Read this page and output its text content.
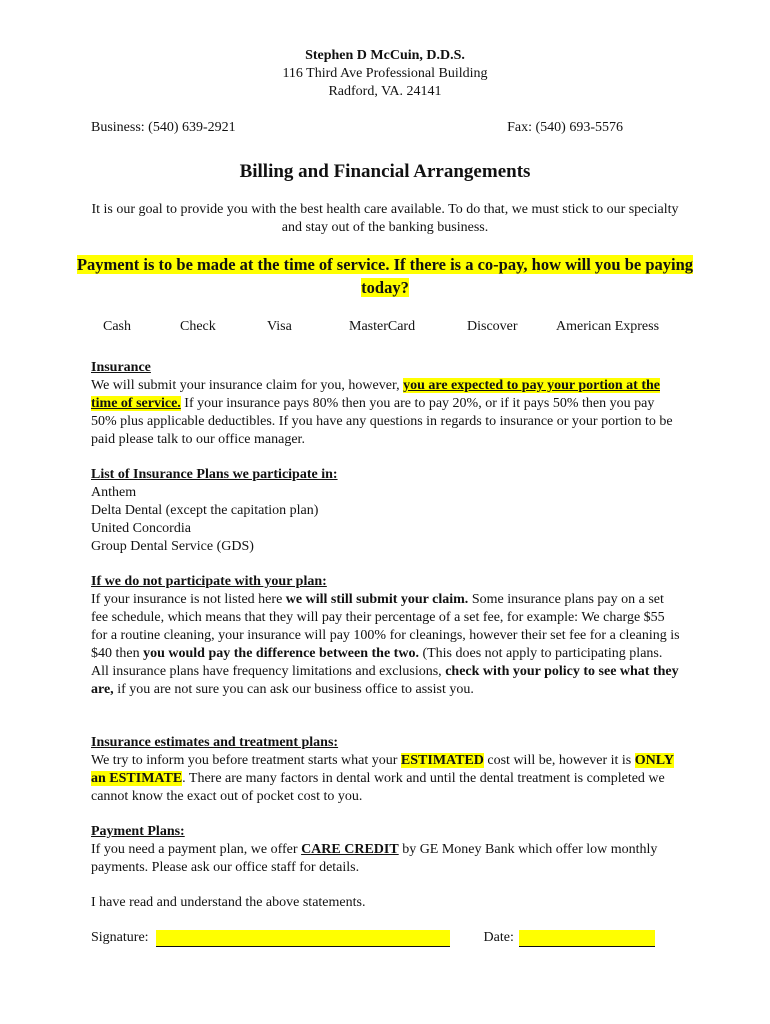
Stephen D McCuin, D.D.S.
116 Third Ave Professional Building
Radford, VA. 24141
Business: (540) 639-2921	Fax: (540) 693-5576
Billing and Financial Arrangements
It is our goal to provide you with the best health care available. To do that, we must stick to our specialty and stay out of the banking business.
Payment is to be made at the time of service. If there is a co-pay, how will you be paying today?
Cash	Check	Visa	MasterCard	Discover	American Express
Insurance
We will submit your insurance claim for you, however, you are expected to pay your portion at the time of service. If your insurance pays 80% then you are to pay 20%, or if it pays 50% then you pay 50% plus applicable deductibles. If you have any questions in regards to insurance or your portion to be paid please talk to our office manager.
List of Insurance Plans we participate in:
Anthem
Delta Dental (except the capitation plan)
United Concordia
Group Dental Service (GDS)
If we do not participate with your plan:
If your insurance is not listed here we will still submit your claim. Some insurance plans pay on a set fee schedule, which means that they will pay their percentage of a set fee, for example: We charge $55 for a routine cleaning, your insurance will pay 100% for cleanings, however their set fee for a cleaning is $40 then you would pay the difference between the two. (This does not apply to participating plans. All insurance plans have frequency limitations and exclusions, check with your policy to see what they are, if you are not sure you can ask our business office to assist you.
Insurance estimates and treatment plans:
We try to inform you before treatment starts what your ESTIMATED cost will be, however it is ONLY an ESTIMATE. There are many factors in dental work and until the dental treatment is completed we cannot know the exact out of pocket cost to you.
Payment Plans:
If you need a payment plan, we offer CARE CREDIT by GE Money Bank which offer low monthly payments. Please ask our office staff for details.
I have read and understand the above statements.
Signature:	Date:
